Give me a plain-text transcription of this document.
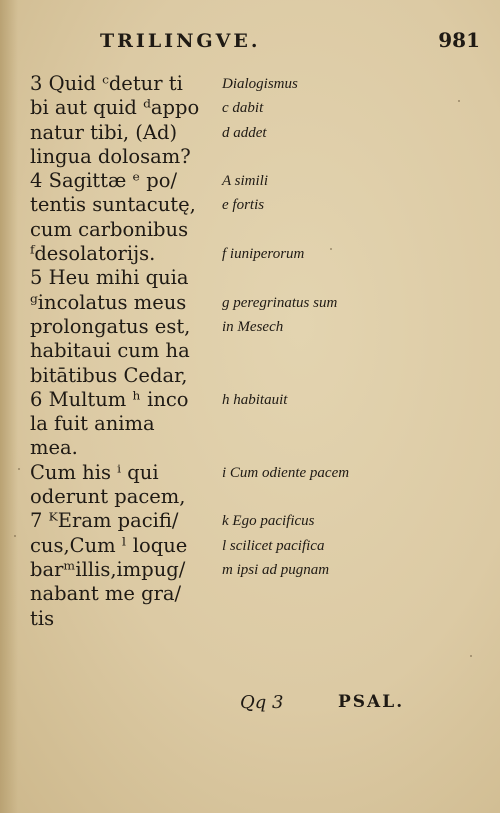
TRILINGVE.	981
3 Quid ᶜdetur ti
bi aut quid ᵈappo
natur tibi, (Ad)
lingua dolosam?
4 Sagittæ ᵉ po/
tentis suntacutę,
cum carbonibus
ᶠdesolatorijs.
5 Heu mihi quia
ᵍincolatus meus
prolongatus est,
habitaui cum ha
bitātibus Cedar,
6 Multum ʰ inco
la fuit anima
mea.
Cum his ⁱ qui
oderunt pacem,
7 ᴷEram pacifi/
cus,Cum ˡ loque
barᵐillis,impug/
nabant me gra/
tis
Dialogismus
c dabit
d addet
A simili
e fortis
f iuniperorum
g peregrinatus sum
in Mesech
h habitauit
i Cum odiente pacem
k Ego pacificus
l scilicet pacifica
m ipsi ad pugnam
Qq 3	PSAL.
